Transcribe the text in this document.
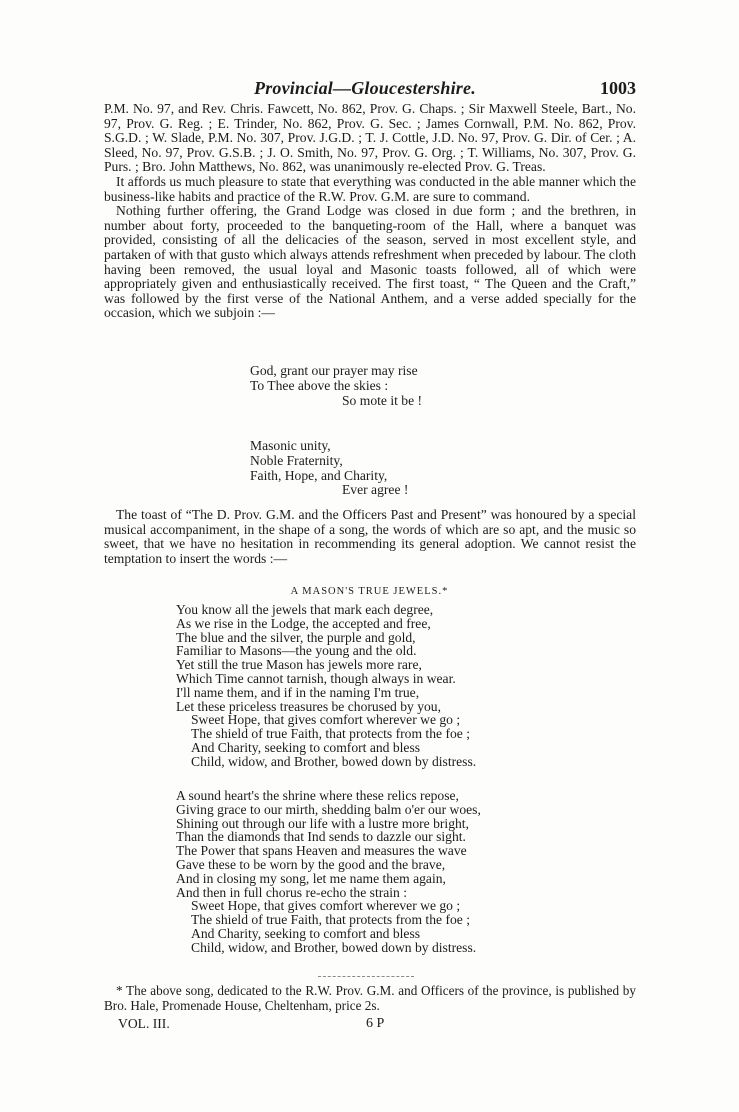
Provincial—Gloucestershire.	1003

P.M. No. 97, and Rev. Chris. Fawcett, No. 862, Prov. G. Chaps. ; Sir Maxwell Steele, Bart., No. 97, Prov. G. Reg. ; E. Trinder, No. 862, Prov. G. Sec. ; James Cornwall, P.M. No. 862, Prov. S.G.D. ; W. Slade, P.M. No. 307, Prov. J.G.D. ; T. J. Cottle, J.D. No. 97, Prov. G. Dir. of Cer. ; A. Sleed, No. 97, Prov. G.S.B. ; J. O. Smith, No. 97, Prov. G. Org. ; T. Williams, No. 307, Prov. G. Purs. ; Bro. John Matthews, No. 862, was unanimously re-elected Prov. G. Treas.

It affords us much pleasure to state that everything was conducted in the able manner which the business-like habits and practice of the R.W. Prov. G.M. are sure to command.

Nothing further offering, the Grand Lodge was closed in due form ; and the brethren, in number about forty, proceeded to the banqueting-room of the Hall, where a banquet was provided, consisting of all the delicacies of the season, served in most excellent style, and partaken of with that gusto which always attends refreshment when preceded by labour. The cloth having been removed, the usual loyal and Masonic toasts followed, all of which were appropriately given and enthusiastically received. The first toast, “ The Queen and the Craft,” was followed by the first verse of the National Anthem, and a verse added specially for the occasion, which we subjoin :—

God, grant our prayer may rise
To Thee above the skies :
So mote it be !
Masonic unity,
Noble Fraternity,
Faith, Hope, and Charity,
Ever agree !

The toast of “The D. Prov. G.M. and the Officers Past and Present” was honoured by a special musical accompaniment, in the shape of a song, the words of which are so apt, and the music so sweet, that we have no hesitation in recommending its general adoption. We cannot resist the temptation to insert the words :—

A MASON'S TRUE JEWELS.*
You know all the jewels that mark each degree,
As we rise in the Lodge, the accepted and free,
The blue and the silver, the purple and gold,
Familiar to Masons—the young and the old.
Yet still the true Mason has jewels more rare,
Which Time cannot tarnish, though always in wear.
I'll name them, and if in the naming I'm true,
Let these priceless treasures be chorused by you,
Sweet Hope, that gives comfort wherever we go ;
The shield of true Faith, that protects from the foe ;
And Charity, seeking to comfort and bless
Child, widow, and Brother, bowed down by distress.
A sound heart's the shrine where these relics repose,
Giving grace to our mirth, shedding balm o'er our woes,
Shining out through our life with a lustre more bright,
Than the diamonds that Ind sends to dazzle our sight.
The Power that spans Heaven and measures the wave
Gave these to be worn by the good and the brave,
And in closing my song, let me name them again,
And then in full chorus re-echo the strain :
Sweet Hope, that gives comfort wherever we go ;
The shield of true Faith, that protects from the foe ;
And Charity, seeking to comfort and bless
Child, widow, and Brother, bowed down by distress.

* The above song, dedicated to the R.W. Prov. G.M. and Officers of the province, is published by Bro. Hale, Promenade House, Cheltenham, price 2s.

VOL. III.	6 P
